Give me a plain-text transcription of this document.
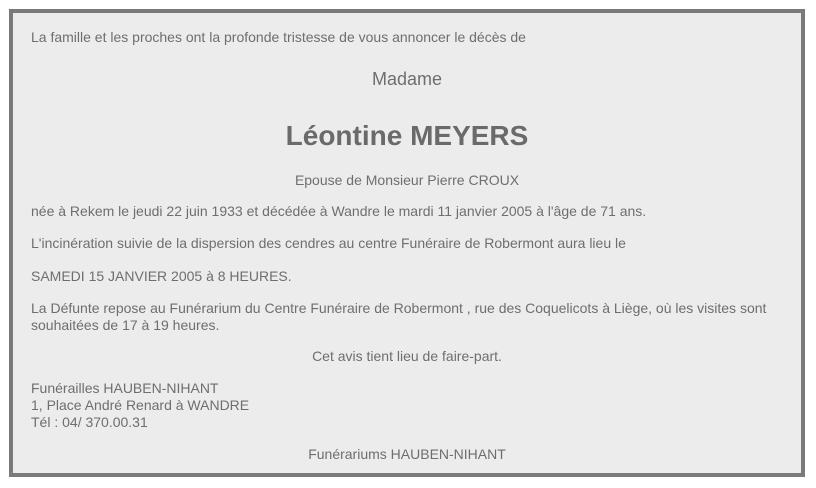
La famille et les proches ont la profonde tristesse de vous annoncer le décès de
Madame
Léontine MEYERS
Epouse de Monsieur Pierre CROUX
née à Rekem le jeudi 22 juin 1933 et décédée à Wandre le mardi 11 janvier 2005 à l'âge de 71 ans.
L'incinération suivie de la dispersion des cendres au centre Funéraire de Robermont aura lieu le
SAMEDI 15 JANVIER 2005 à 8 HEURES.
La Défunte repose au Funérarium du Centre Funéraire de Robermont , rue des Coquelicots à Liège, où les visites sont souhaitées de 17 à 19 heures.
Cet avis tient lieu de faire-part.
Funérailles HAUBEN-NIHANT
1, Place André Renard à WANDRE
Tél : 04/ 370.00.31
Funérariums HAUBEN-NIHANT
